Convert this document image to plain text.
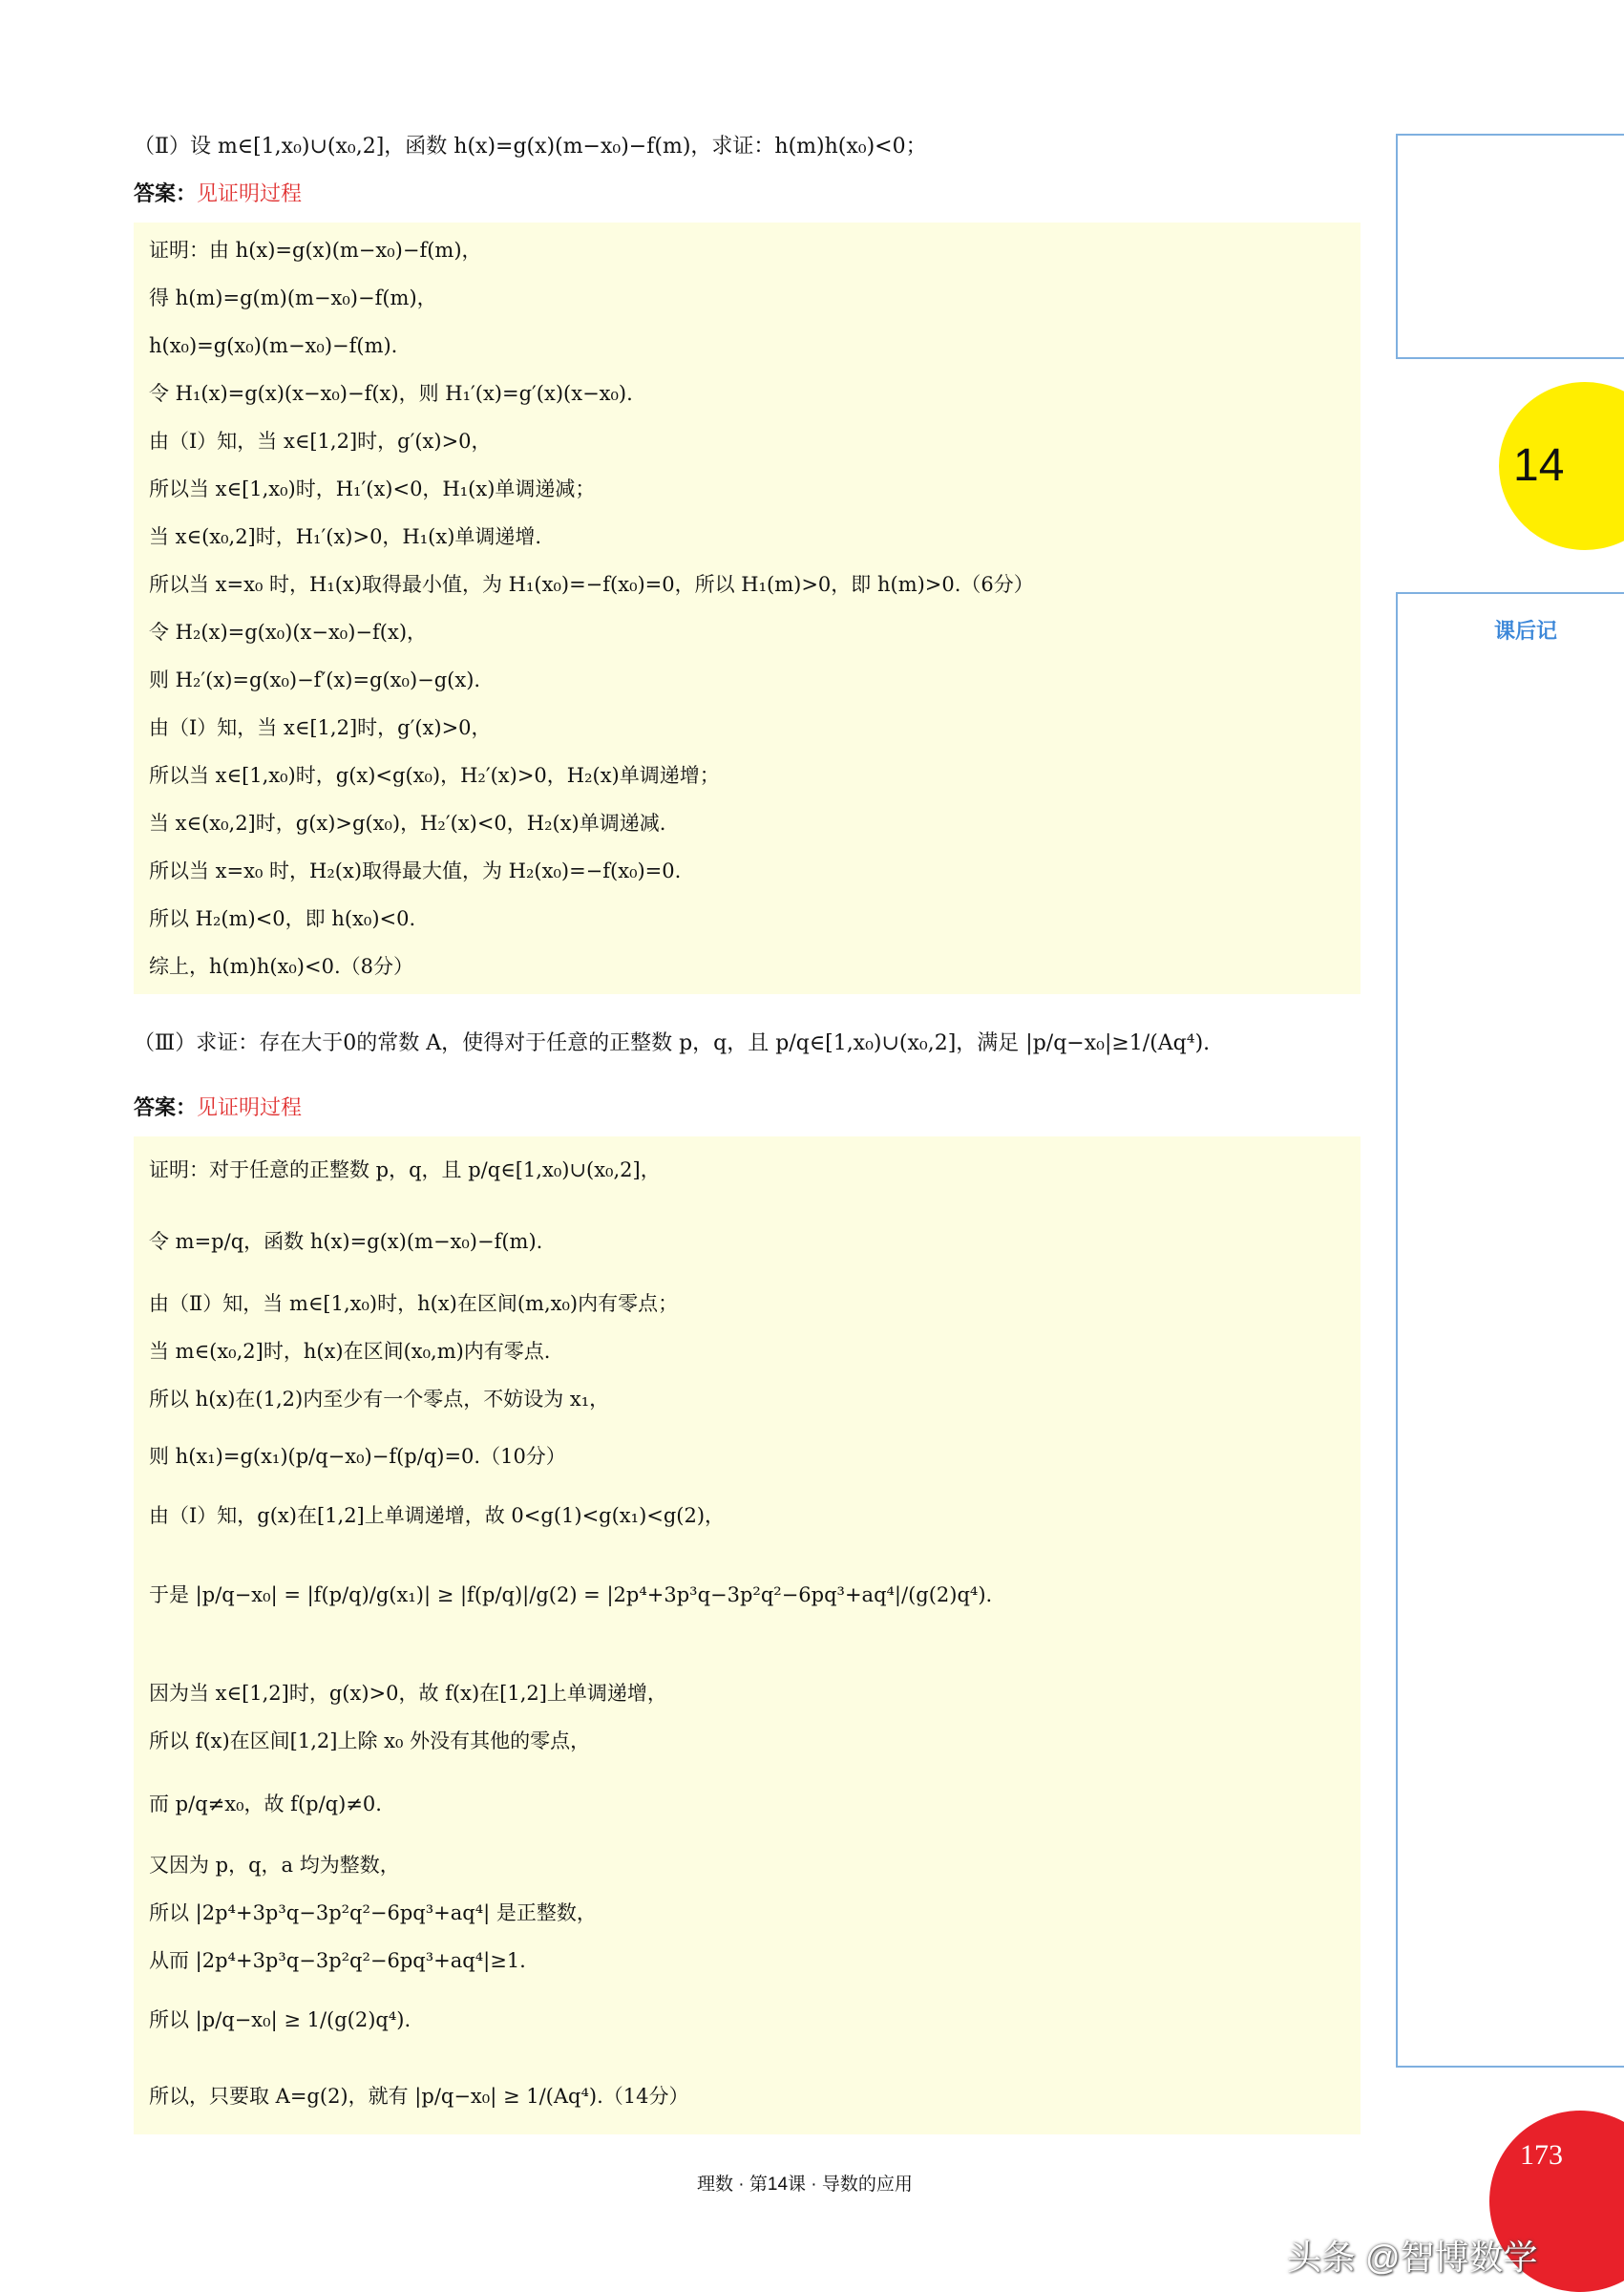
（Ⅱ）设 m∈[1,x₀)∪(x₀,2]，函数 h(x)=g(x)(m−x₀)−f(m)，求证：h(m)h(x₀)<0；
答案：见证明过程
证明：由 h(x)=g(x)(m−x₀)−f(m)，
得 h(m)=g(m)(m−x₀)−f(m)，
h(x₀)=g(x₀)(m−x₀)−f(m).
令 H₁(x)=g(x)(x−x₀)−f(x)，则 H₁′(x)=g′(x)(x−x₀).
由（Ⅰ）知，当 x∈[1,2]时，g′(x)>0，
所以当 x∈[1,x₀)时，H₁′(x)<0，H₁(x)单调递减；
当 x∈(x₀,2]时，H₁′(x)>0，H₁(x)单调递增.
所以当 x=x₀ 时，H₁(x)取得最小值，为 H₁(x₀)=−f(x₀)=0，所以 H₁(m)>0，即 h(m)>0.（6分）
令 H₂(x)=g(x₀)(x−x₀)−f(x)，
则 H₂′(x)=g(x₀)−f′(x)=g(x₀)−g(x).
由（Ⅰ）知，当 x∈[1,2]时，g′(x)>0，
所以当 x∈[1,x₀)时，g(x)<g(x₀)，H₂′(x)>0，H₂(x)单调递增；
当 x∈(x₀,2]时，g(x)>g(x₀)，H₂′(x)<0，H₂(x)单调递减.
所以当 x=x₀ 时，H₂(x)取得最大值，为 H₂(x₀)=−f(x₀)=0.
所以 H₂(m)<0，即 h(x₀)<0.
综上，h(m)h(x₀)<0.（8分）
（Ⅲ）求证：存在大于0的常数 A，使得对于任意的正整数 p，q，且 p/q∈[1,x₀)∪(x₀,2]，满足 |p/q−x₀|≥1/(Aq⁴).
答案：见证明过程
证明：对于任意的正整数 p，q，且 p/q∈[1,x₀)∪(x₀,2]，
令 m=p/q，函数 h(x)=g(x)(m−x₀)−f(m).
由（Ⅱ）知，当 m∈[1,x₀)时，h(x)在区间(m,x₀)内有零点；
当 m∈(x₀,2]时，h(x)在区间(x₀,m)内有零点.
所以 h(x)在(1,2)内至少有一个零点，不妨设为 x₁，
则 h(x₁)=g(x₁)(p/q−x₀)−f(p/q)=0.（10分）
由（Ⅰ）知，g(x)在[1,2]上单调递增，故 0<g(1)<g(x₁)<g(2)，
于是 |p/q−x₀| = |f(p/q)/g(x₁)| ≥ |f(p/q)|/g(2) = |2p⁴+3p³q−3p²q²−6pq³+aq⁴|/(g(2)q⁴).
因为当 x∈[1,2]时，g(x)>0，故 f(x)在[1,2]上单调递增，
所以 f(x)在区间[1,2]上除 x₀ 外没有其他的零点，
而 p/q≠x₀，故 f(p/q)≠0.
又因为 p，q，a 均为整数，
所以 |2p⁴+3p³q−3p²q²−6pq³+aq⁴| 是正整数，
从而 |2p⁴+3p³q−3p²q²−6pq³+aq⁴|≥1.
所以 |p/q−x₀| ≥ 1/(g(2)q⁴).
所以，只要取 A=g(2)，就有 |p/q−x₀| ≥ 1/(Aq⁴).（14分）
14
课后记
理数 · 第14课 · 导数的应用
173
头条 @智博数学
